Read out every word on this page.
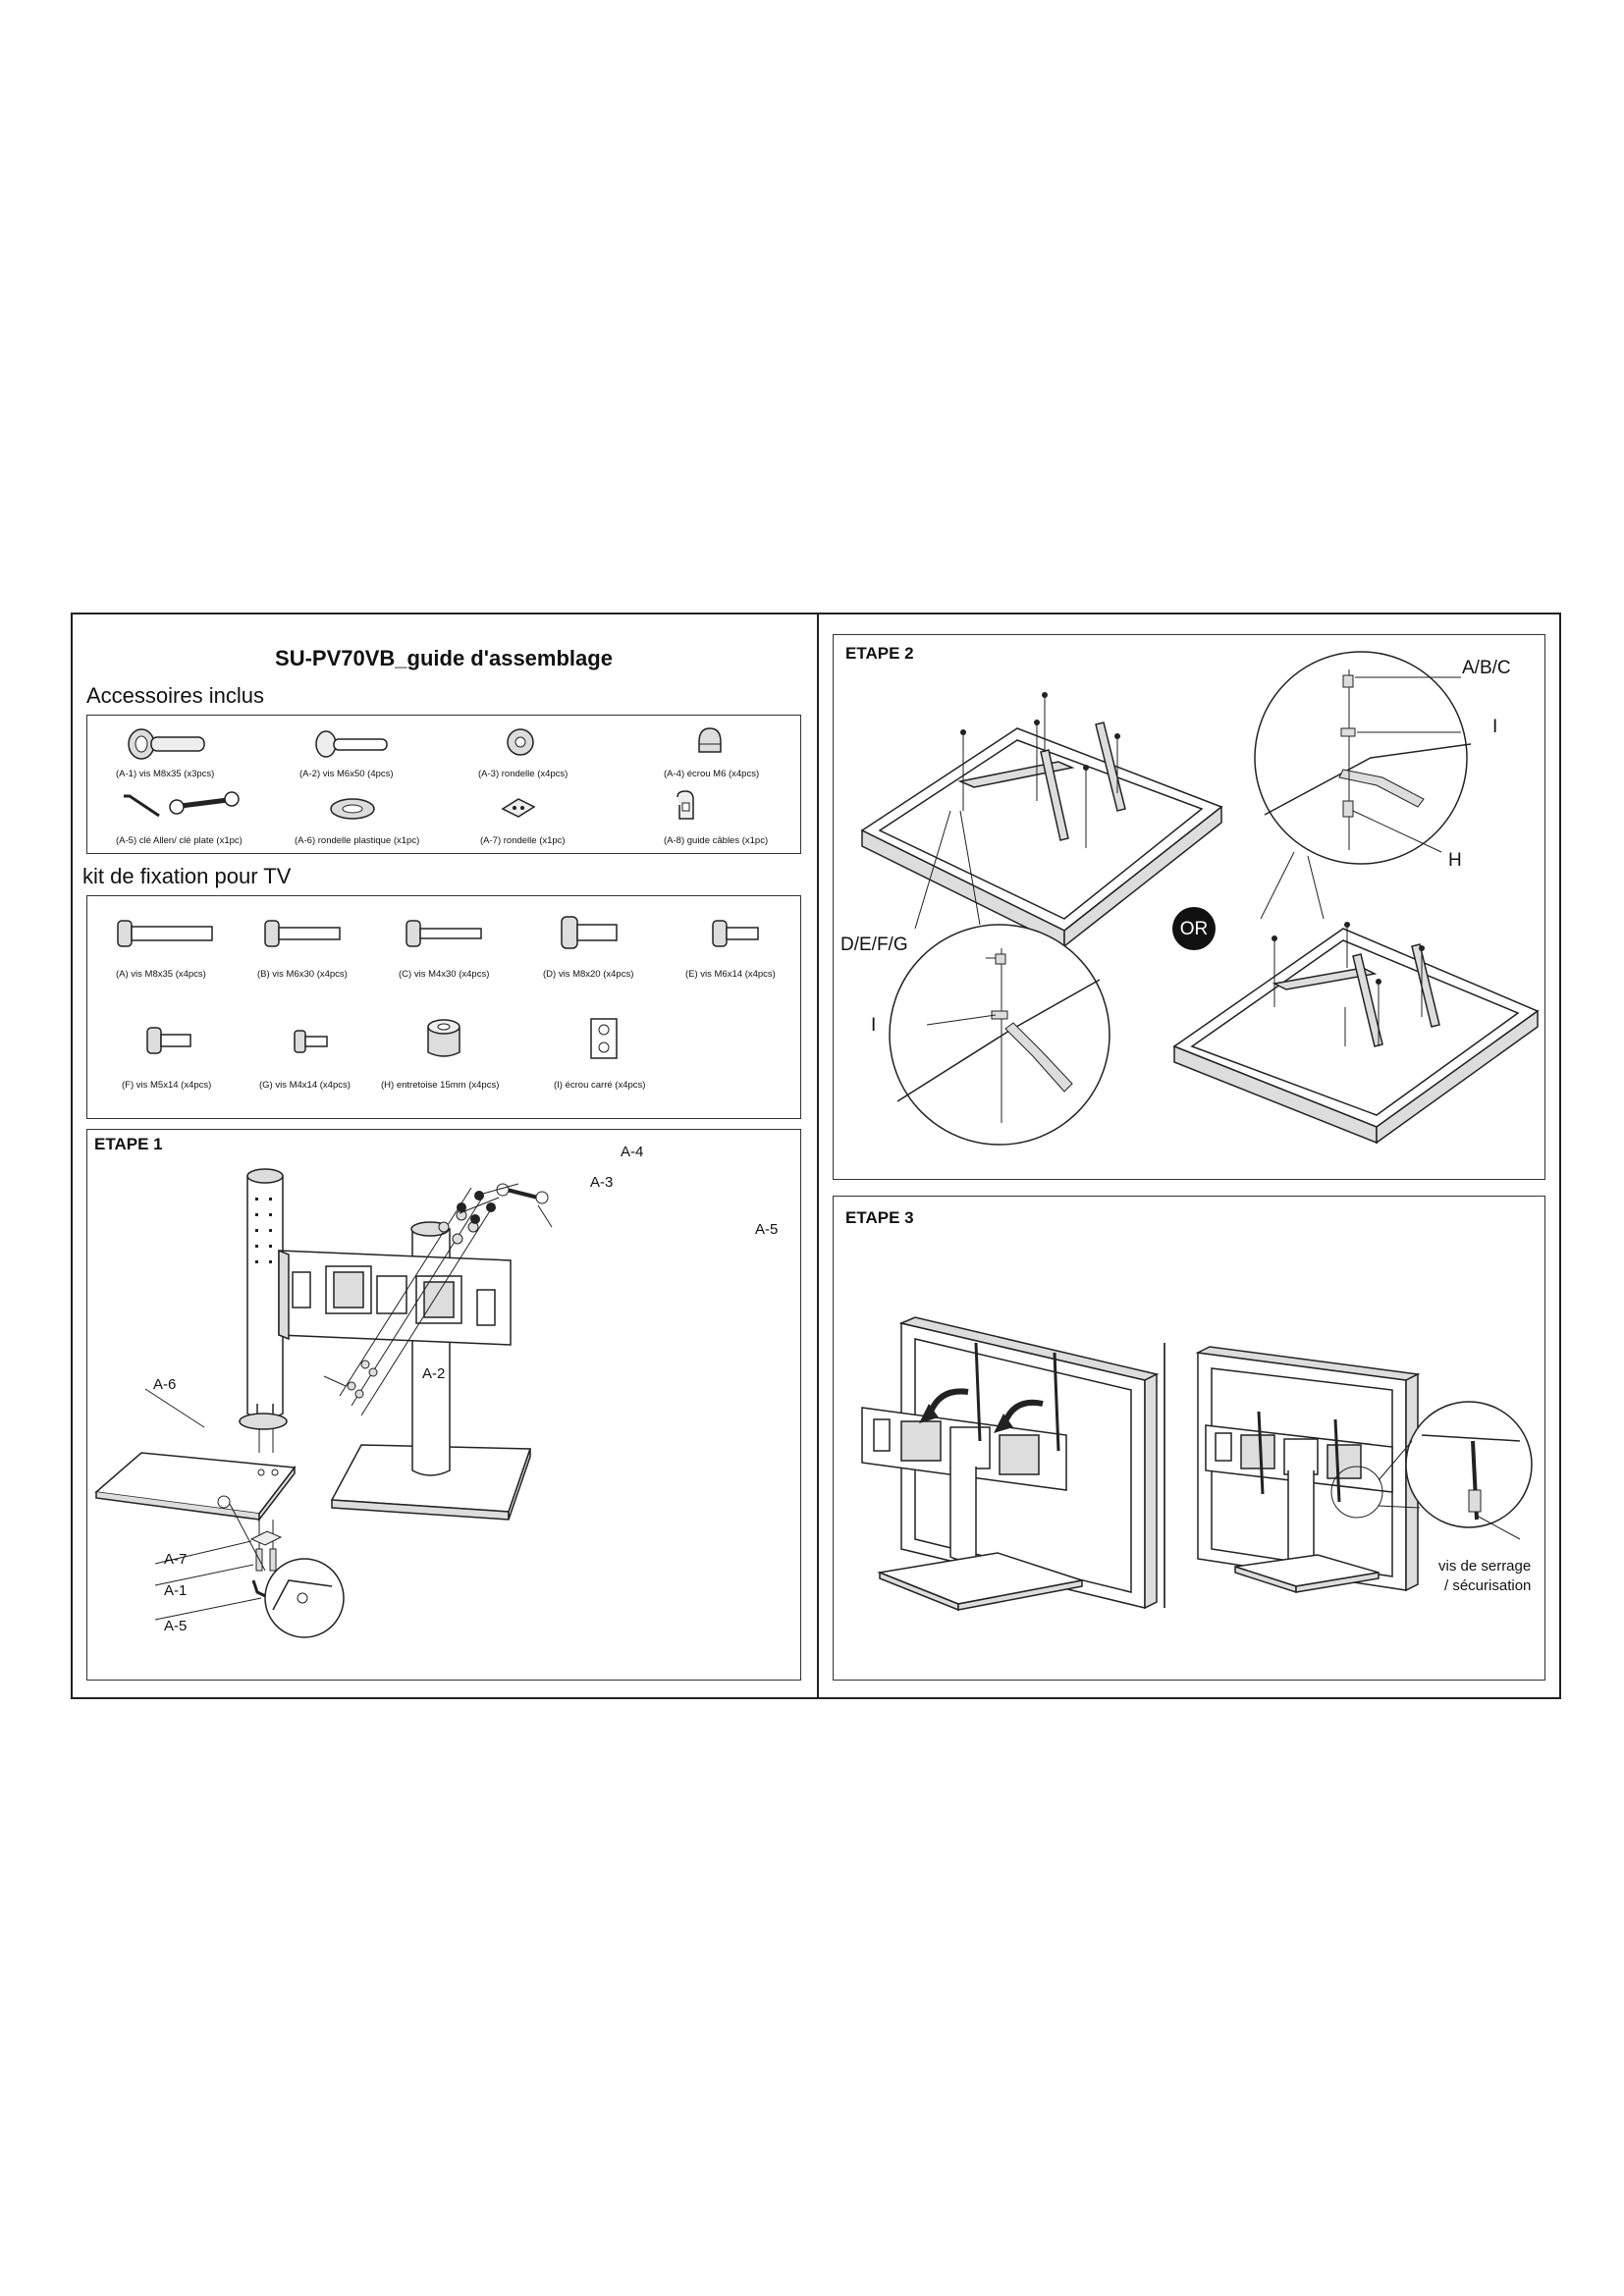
SU-PV70VB_guide d'assemblage
Accessoires inclus
(A-1) vis M8x35 (x3pcs)	(A-2) vis M6x50 (4pcs)	(A-3) rondelle (x4pcs)	(A-4) écrou M6 (x4pcs)
(A-5) clé Allen/ clé plate (x1pc)	(A-6) rondelle plastique (x1pc)	(A-7) rondelle (x1pc)	(A-8) guide câbles (x1pc)
kit de fixation pour TV
(A) vis M8x35 (x4pcs)	(B) vis M6x30 (x4pcs)	(C) vis M4x30 (x4pcs)	(D) vis M8x20 (x4pcs)	(E) vis M6x14 (x4pcs)
(F) vis M5x14 (x4pcs)	(G) vis M4x14 (x4pcs)	(H) entretoise 15mm (x4pcs)	(I) écrou carré (x4pcs)
ETAPE 1	A-4
A-3
A-5
A-2
A-6
A-7
A-1
A-5
ETAPE 2
A/B/C
I
H
D/E/F/G
I
OR
ETAPE 3
vis de serrage
/ sécurisation
